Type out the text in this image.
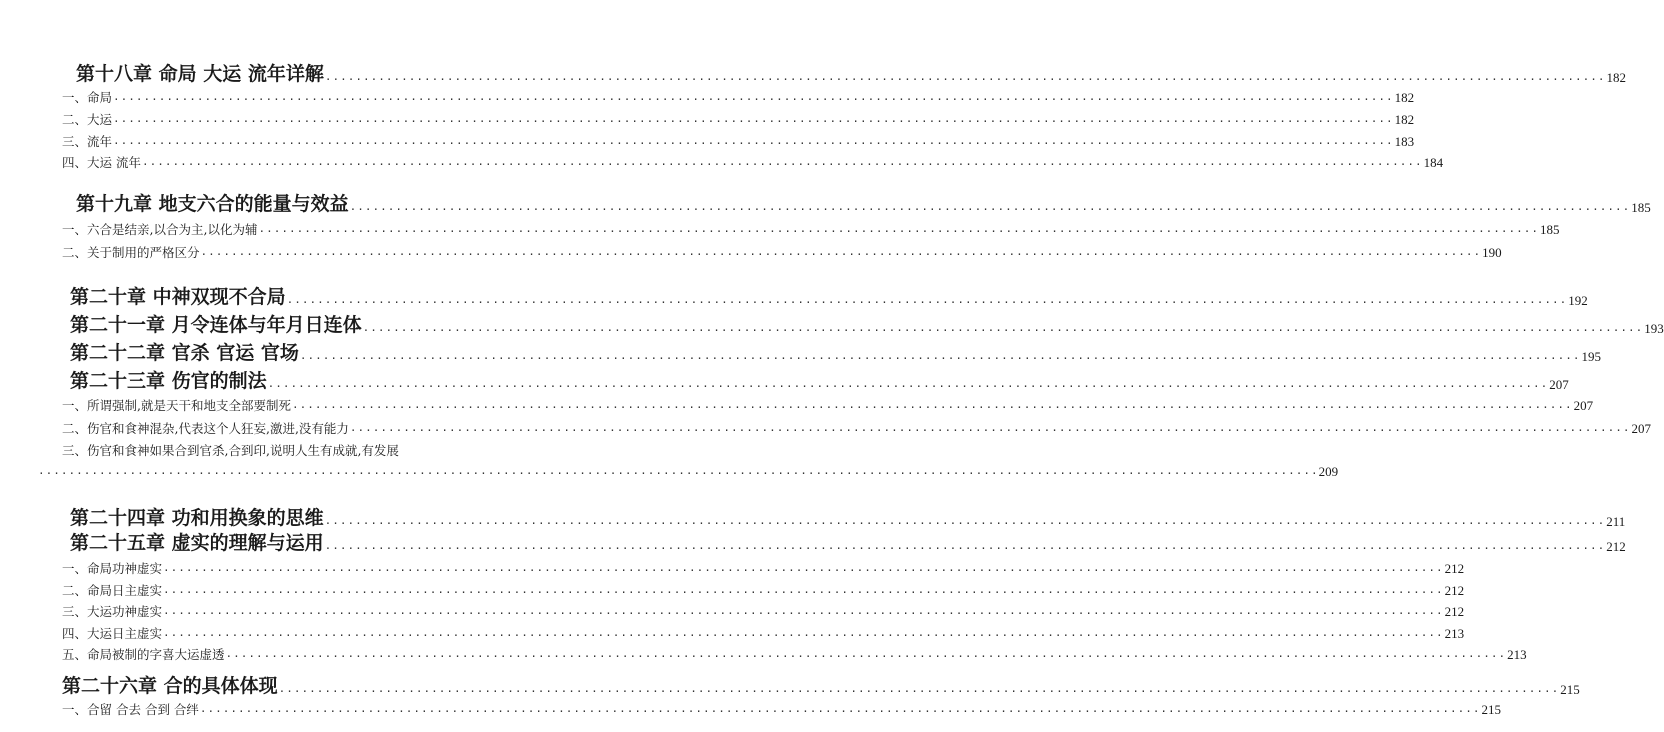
第十八章 命局 大运 流年详解 ········································································································································································ 182
一、命局 ········································································································································································ 182
二、大运 ········································································································································································ 182
三、流年 ········································································································································································ 183
四、大运 流年 ········································································································································································ 184
第十九章 地支六合的能量与效益 ········································································································································································ 185
一、六合是结亲,以合为主,以化为辅 ········································································································································································ 185
二、关于制用的严格区分 ········································································································································································ 190
第二十章 中神双现不合局 ········································································································································································ 192
第二十一章 月令连体与年月日连体 ········································································································································································ 193
第二十二章 官杀 官运 官场 ········································································································································································ 195
第二十三章 伤官的制法 ········································································································································································ 207
一、所谓强制,就是天干和地支全部要制死 ········································································································································································ 207
二、伤官和食神混杂,代表这个人狂妄,激进,没有能力 ········································································································································································ 207
三、伤官和食神如果合到官杀,合到印,说明人生有成就,有发展
········································································································································································ 209
第二十四章 功和用换象的思维 ········································································································································································ 211
第二十五章 虚实的理解与运用 ········································································································································································ 212
一、命局功神虚实 ········································································································································································ 212
二、命局日主虚实 ········································································································································································ 212
三、大运功神虚实 ········································································································································································ 212
四、大运日主虚实 ········································································································································································ 213
五、命局被制的字喜大运虚透 ········································································································································································ 213
第二十六章 合的具体体现 ········································································································································································ 215
一、合留 合去 合到 合绊 ········································································································································································ 215
